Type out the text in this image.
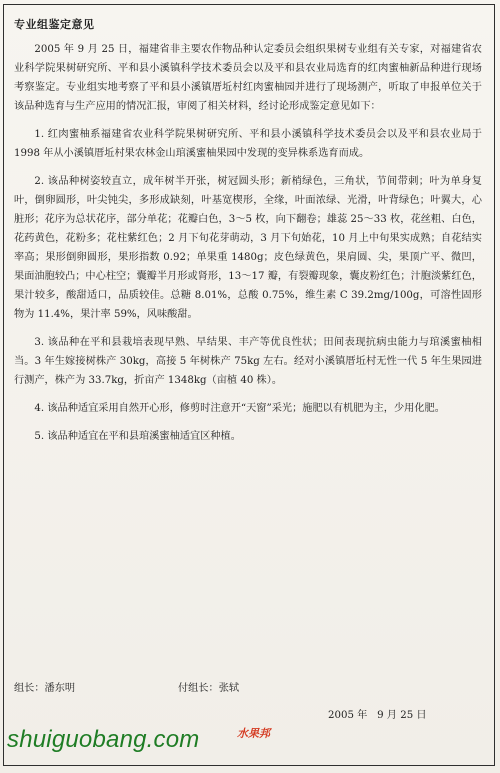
专业组鉴定意见

2005 年 9 月 25 日，福建省非主要农作物品种认定委员会组织果树专业组有关专家，对福建省农业科学院果树研究所、平和县小溪镇科学技术委员会以及平和县农业局选育的红肉蜜柚新品种进行现场考察鉴定。专业组实地考察了平和县小溪镇厝坵村红肉蜜柚园并进行了现场测产，听取了申报单位关于该品种选育与生产应用的情况汇报，审阅了相关材料，经讨论形成鉴定意见如下：

1. 红肉蜜柚系福建省农业科学院果树研究所、平和县小溪镇科学技术委员会以及平和县农业局于 1998 年从小溪镇厝坵村果农林金山琯溪蜜柚果园中发现的变异株系选育而成。

2. 该品种树姿较直立，成年树半开张，树冠圆头形；新梢绿色，三角状，节间带刺；叶为单身复叶，倒卵圆形，叶尖钝尖，多形成缺刻，叶基宽楔形，全缘，叶面浓绿、光滑，叶背绿色；叶翼大，心脏形；花序为总状花序，部分单花；花瓣白色，3～5 枚，向下翻卷；雄蕊 25～33 枚，花丝粗、白色，花药黄色，花粉多；花柱紫红色；2 月下旬花芽萌动，3 月下旬始花，10 月上中旬果实成熟；自花结实率高；果形倒卵圆形，果形指数 0.92；单果重 1480g；皮色绿黄色，果肩圆、尖，果顶广平、微凹，果面油胞较凸；中心柱空；囊瓣半月形或肾形，13～17 瓣，有裂瓣现象，囊皮粉红色；汁胞淡紫红色，果汁较多，酸甜适口，品质较佳。总糖 8.01%，总酸 0.75%，维生素 C 39.2mg/100g，可溶性固形物为 11.4%，果汁率 59%，风味酸甜。

3. 该品种在平和县栽培表现早熟、早结果、丰产等优良性状；田间表现抗病虫能力与琯溪蜜柚相当。3 年生嫁接树株产 30kg，高接 5 年树株产 75kg 左右。经对小溪镇厝坵村无性一代 5 年生果园进行测产，株产为 33.7kg，折亩产 1348kg（亩植 40 株）。

4. 该品种适宜采用自然开心形，修剪时注意开“天窗”采光；施肥以有机肥为主，少用化肥。

5. 该品种适宜在平和县琯溪蜜柚适宜区种植。

组长：潘东明	付组长：张轼
2005 年   9 月 25 日
shuiguobang.com	水果邦
